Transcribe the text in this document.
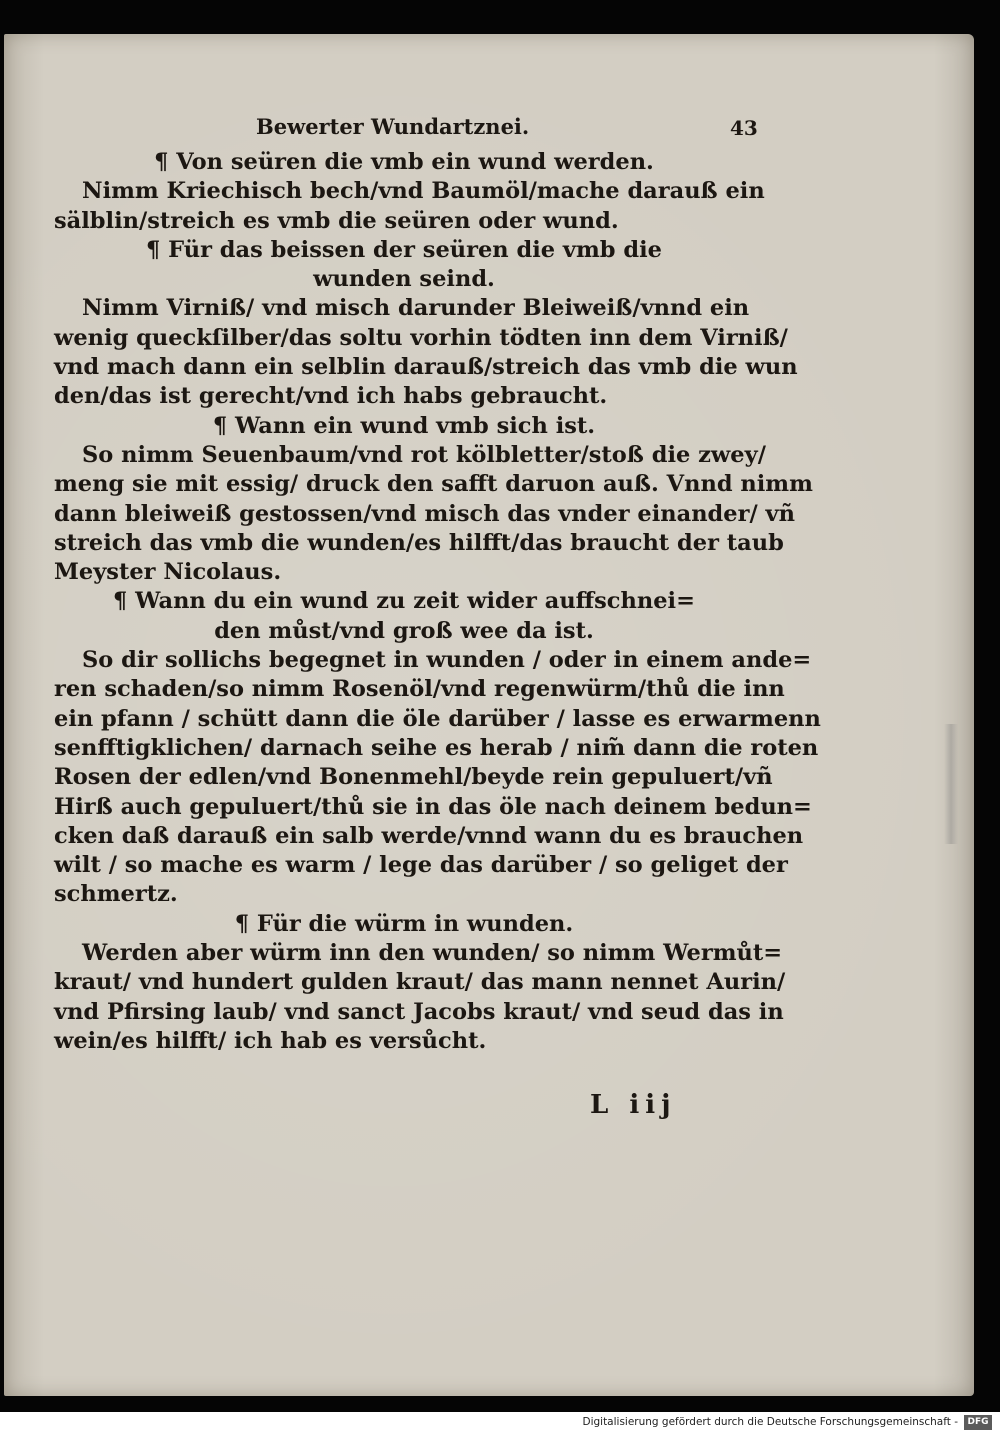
Bewerter Wundartznei.	43
¶ Von seüren die vmb ein wund werden.
Nimm Kriechisch bech/vnd Baumöl/mache darauß ein
sälblin/streich es vmb die seüren oder wund.
¶ Für das beissen der seüren die vmb die
wunden seind.
Nimm Virniß/ vnd misch darunder Bleiweiß/vnnd ein
wenig queckſilber/das soltu vorhin tödten inn dem Virniß/
vnd mach dann ein selblin darauß/streich das vmb die wun
den/das ist gerecht/vnd ich habs gebraucht.
¶ Wann ein wund vmb sich ist.
So nimm Seuenbaum/vnd rot kölbletter/stoß die zwey/
meng sie mit essig/ druck den safft daruon auß. Vnnd nimm
dann bleiweiß gestossen/vnd misch das vnder einander/ vñ
streich das vmb die wunden/es hilfft/das braucht der taub
Meyster Nicolaus.
¶ Wann du ein wund zu zeit wider auffschnei=
den můst/vnd groß wee da ist.
So dir sollichs begegnet in wunden / oder in einem ande=
ren schaden/so nimm Rosenöl/vnd regenwürm/thů die inn
ein pfann / schütt dann die öle darüber / lasse es erwarmenn
senfftigklichen/ darnach seihe es herab / nim̃ dann die roten
Rosen der edlen/vnd Bonenmehl/beyde rein gepuluert/vñ
Hirß auch gepuluert/thů sie in das öle nach deinem bedun=
cken daß darauß ein salb werde/vnnd wann du es brauchen
wilt / so mache es warm / lege das darüber / so geliget der
schmertz.
¶ Für die würm in wunden.
Werden aber würm inn den wunden/ so nimm Wermůt=
kraut/ vnd hundert gulden kraut/ das mann nennet Aurin/
vnd Pfirsing laub/ vnd sanct Jacobs kraut/ vnd seud das in
wein/es hilfft/ ich hab es versůcht.
L iij
Digitalisierung gefördert durch die Deutsche Forschungsgemeinschaft -	DFG
